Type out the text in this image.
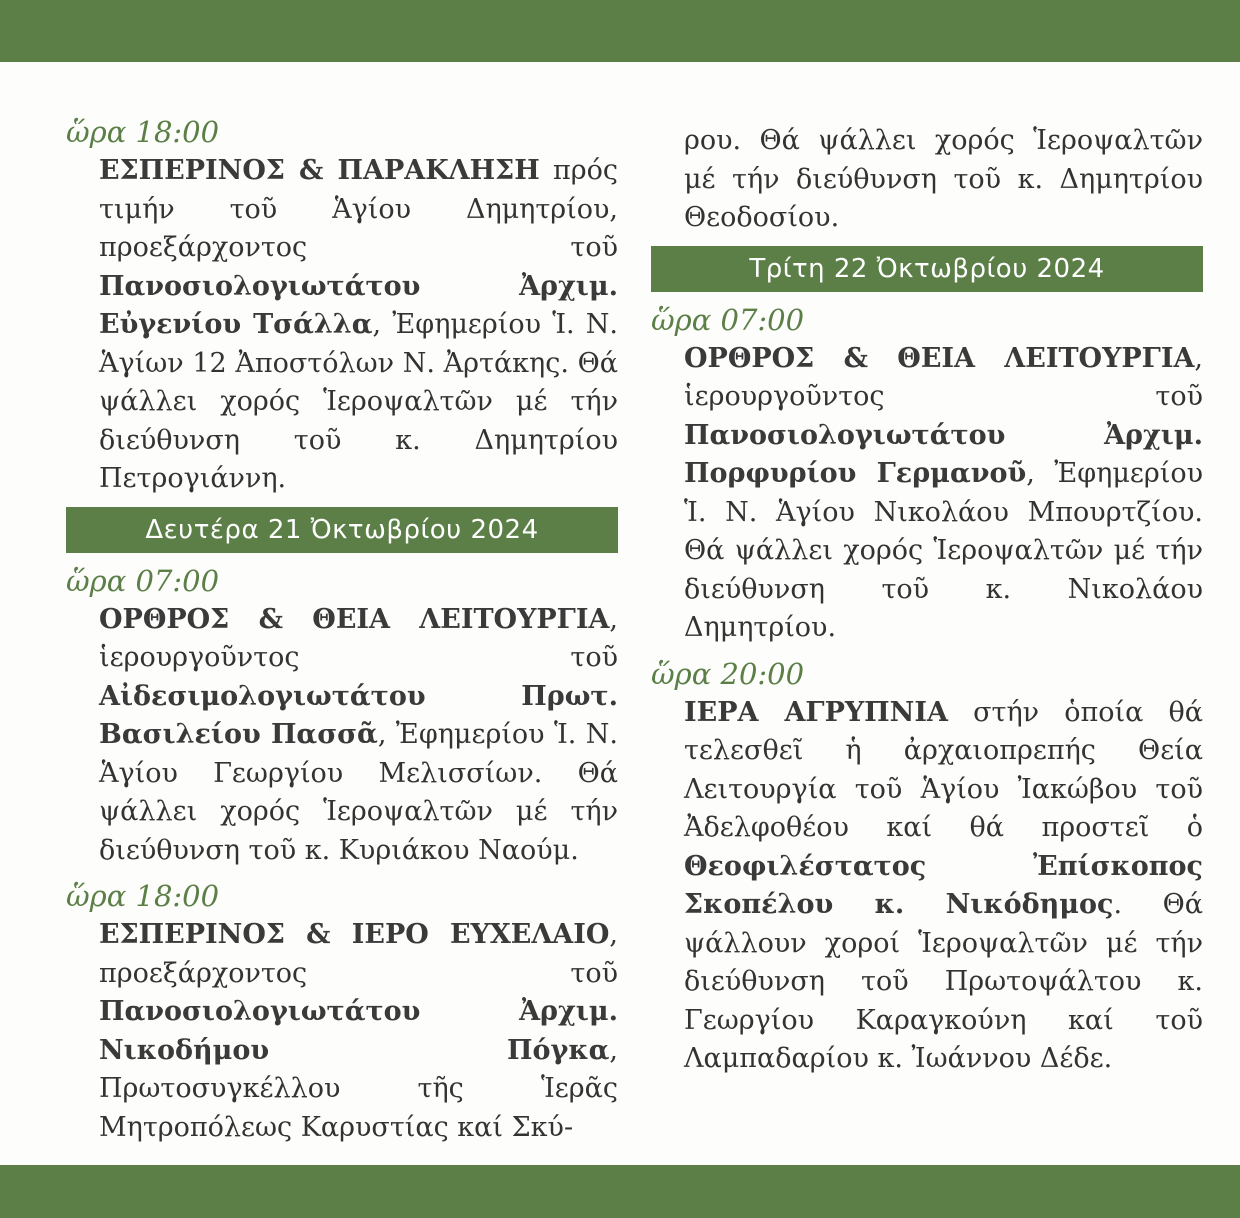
ὥρα 18:00

ΕΣΠΕΡΙΝΟΣ & ΠΑΡΑΚΛΗΣΗ πρός τιμήν τοῦ Ἁγίου Δημητρίου, προεξάρχοντος τοῦ Πανοσιολογιωτάτου Ἀρχιμ. Εὐγενίου Τσάλλα, Ἐφημερίου Ἱ. Ν. Ἁγίων 12 Ἀποστόλων Ν. Ἀρτάκης. Θά ψάλλει χορός Ἱεροψαλτῶν μέ τήν διεύθυνση τοῦ κ. Δημητρίου Πετρογιάννη.

Δευτέρα 21 Ὀκτωβρίου 2024

ὥρα 07:00

ΟΡΘΡΟΣ & ΘΕΙΑ ΛΕΙΤΟΥΡΓΙΑ, ἱερουργοῦντος τοῦ Αἰδεσιμολογιωτάτου Πρωτ. Βασιλείου Πασσᾶ, Ἐφημερίου Ἱ. Ν. Ἁγίου Γεωργίου Μελισσίων. Θά ψάλλει χορός Ἱεροψαλτῶν μέ τήν διεύθυνση τοῦ κ. Κυριάκου Ναούμ.

ὥρα 18:00

ΕΣΠΕΡΙΝΟΣ & ΙΕΡΟ ΕΥΧΕΛΑΙΟ, προεξάρχοντος τοῦ Πανοσιολογιωτάτου Ἀρχιμ. Νικοδήμου Πόγκα, Πρωτοσυγκέλλου τῆς Ἱερᾶς Μητροπόλεως Καρυστίας καί Σκύ-

ρου. Θά ψάλλει χορός Ἱεροψαλτῶν μέ τήν διεύθυνση τοῦ κ. Δημητρίου Θεοδοσίου.

Τρίτη 22 Ὀκτωβρίου 2024

ὥρα 07:00

ΟΡΘΡΟΣ & ΘΕΙΑ ΛΕΙΤΟΥΡΓΙΑ, ἱερουργοῦντος τοῦ Πανοσιολογιωτάτου Ἀρχιμ. Πορφυρίου Γερμανοῦ, Ἐφημερίου Ἱ. Ν. Ἁγίου Νικολάου Μπουρτζίου. Θά ψάλλει χορός Ἱεροψαλτῶν μέ τήν διεύθυνση τοῦ κ. Νικολάου Δημητρίου.

ὥρα 20:00

ΙΕΡΑ ΑΓΡΥΠΝΙΑ στήν ὁποία θά τελεσθεῖ ἡ ἀρχαιοπρεπής Θεία Λειτουργία τοῦ Ἁγίου Ἰακώβου τοῦ Ἀδελφοθέου καί θά προστεῖ ὁ Θεοφιλέστατος Ἐπίσκοπος Σκοπέλου κ. Νικόδημος. Θά ψάλλουν χοροί Ἱεροψαλτῶν μέ τήν διεύθυνση τοῦ Πρωτοψάλτου κ. Γεωργίου Καραγκούνη καί τοῦ Λαμπαδαρίου κ. Ἰωάννου Δέδε.
